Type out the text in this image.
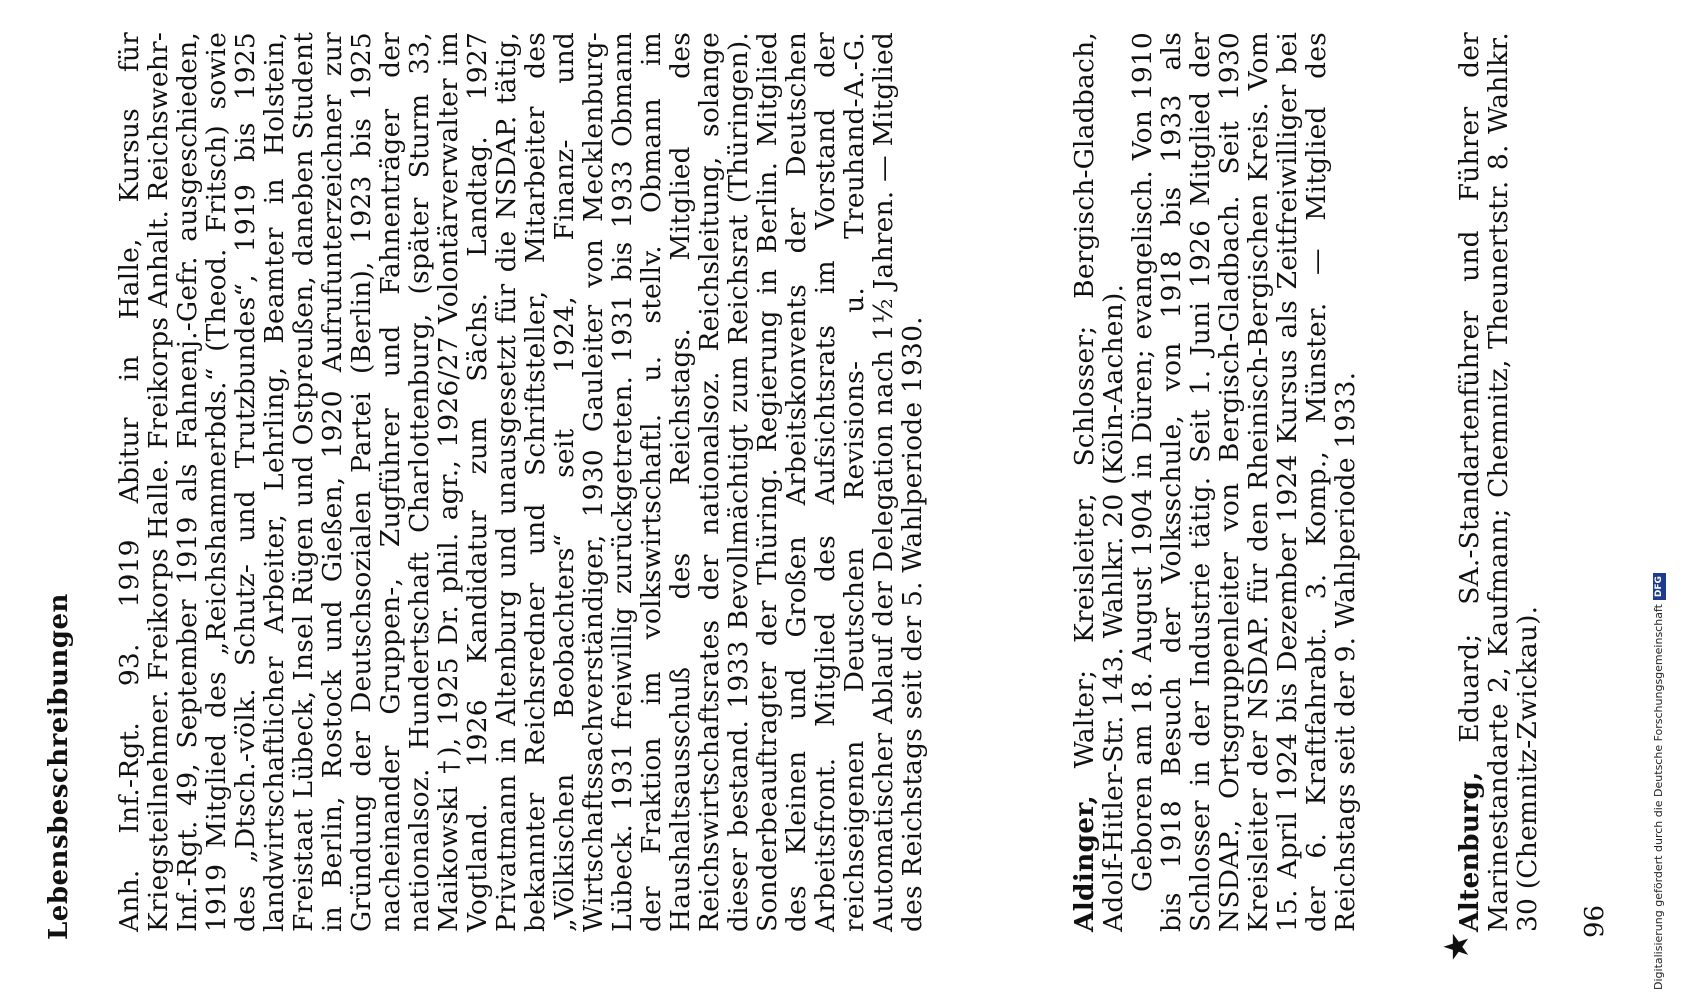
Lebensbeschreibungen Anh. Inf.-Rgt. 93. 1919 Abitur in Halle, Kursus für Kriegsteilnehmer. Freikorps Halle. Freikorps Anhalt. Reichswehr-Inf.-Rgt. 49, September 1919 als Fahnenj.-Gefr. ausgeschieden, 1919 Mitglied des „Reichshammerbds.“ (Theod. Fritsch) sowie des „Dtsch.-völk. Schutz- und Trutzbundes“, 1919 bis 1925 landwirtschaftlicher Arbeiter, Lehrling, Beamter in Holstein, Freistaat Lübeck, Insel Rügen und Ostpreußen, daneben Student in Berlin, Rostock und Gießen, 1920 Aufrufunterzeichner zur Gründung der Deutschsozialen Partei (Berlin), 1923 bis 1925 nacheinander Gruppen-, Zugführer und Fahnenträger der nationalsoz. Hundertschaft Charlottenburg, (später Sturm 33, Maikowski †), 1925 Dr. phil. agr., 1926/27 Volontärverwalter im Vogtland. 1926 Kandidatur zum Sächs. Landtag. 1927 Privatmann in Altenburg und unausgesetzt für die NSDAP. tätig, bekannter Reichsredner und Schriftsteller, Mitarbeiter des „Völkischen Beobachters“ seit 1924, Finanz- und Wirtschaftssachverständiger, 1930 Gauleiter von Mecklenburg-Lübeck. 1931 freiwillig zurückgetreten. 1931 bis 1933 Obmann der Fraktion im volkswirtschaftl. u. stellv. Obmann im Haushaltsausschuß des Reichstags. Mitglied des Reichswirtschaftsrates der nationalsoz. Reichsleitung, solange dieser bestand. 1933 Bevollmächtigt zum Reichsrat (Thüringen). Sonderbeauftragter der Thüring. Regierung in Berlin. Mitglied des Kleinen und Großen Arbeitskonvents der Deutschen Arbeitsfront. Mitglied des Aufsichtsrats im Vorstand der reichseigenen Deutschen Revisions- u. Treuhand-A.-G. Automatischer Ablauf der Delegation nach 1½ Jahren. — Mitglied des Reichstags seit der 5. Wahlperiode 1930.	Aldinger, Walter; Kreisleiter, Schlosser; Bergisch-Gladbach, Adolf-Hitler-Str. 143. Wahlkr. 20 (Köln-Aachen).

Geboren am 18. August 1904 in Düren; evangelisch. Von 1910 bis 1918 Besuch der Volksschule, von 1918 bis 1933 als Schlosser in der Industrie tätig. Seit 1. Juni 1926 Mitglied der NSDAP., Ortsgruppenleiter von Bergisch-Gladbach. Seit 1930 Kreisleiter der NSDAP. für den Rheinisch-Bergischen Kreis. Vom 15. April 1924 bis Dezember 1924 Kursus als Zeitfreiwilliger bei der 6. Kraftfahrabt. 3. Komp., Münster. — Mitglied des Reichstags seit der 9. Wahlperiode 1933.	Altenburg, Eduard; SA.-Standartenführer und Führer der Marinestandarte 2, Kaufmann; Chemnitz, Theunertstr. 8. Wahlkr. 30 (Chemnitz-Zwickau).

★
96	Digitalisierung gefördert durch die Deutsche ForschungsgemeinschaftDFG
